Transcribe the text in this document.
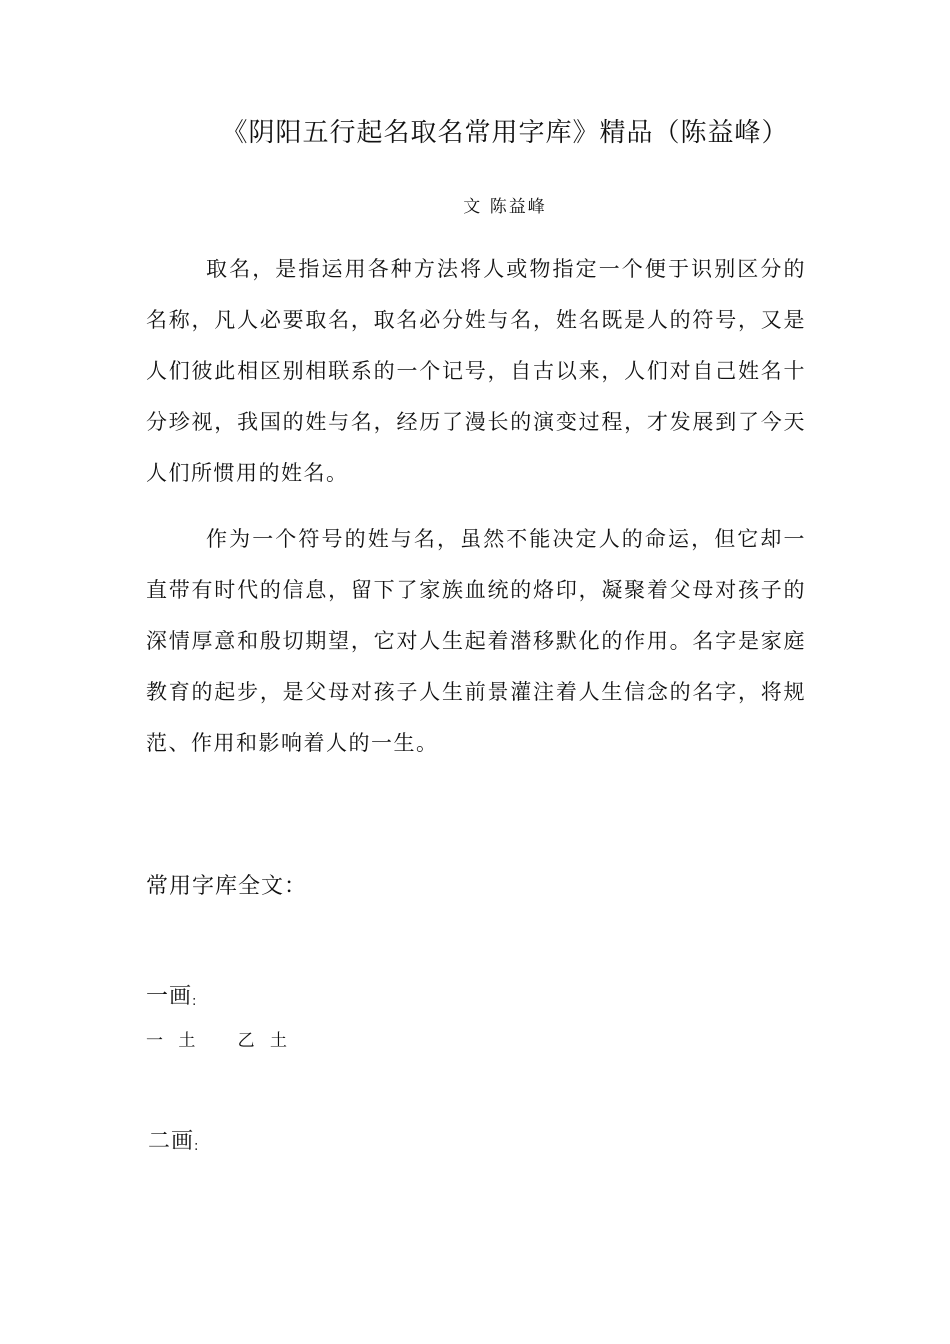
《阴阳五行起名取名常用字库》精品（陈益峰）
文 陈益峰

取名，是指运用各种方法将人或物指定一个便于识别区分的名称，凡人必要取名，取名必分姓与名，姓名既是人的符号，又是人们彼此相区别相联系的一个记号，自古以来，人们对自己姓名十分珍视，我国的姓与名，经历了漫长的演变过程，才发展到了今天人们所惯用的姓名。

作为一个符号的姓与名，虽然不能决定人的命运，但它却一直带有时代的信息，留下了家族血统的烙印，凝聚着父母对孩子的深情厚意和殷切期望，它对人生起着潜移默化的作用。名字是家庭教育的起步，是父母对孩子人生前景灌注着人生信念的名字，将规范、作用和影响着人的一生。

常用字库全文：
一画:
一 土   乙 土
二画:
